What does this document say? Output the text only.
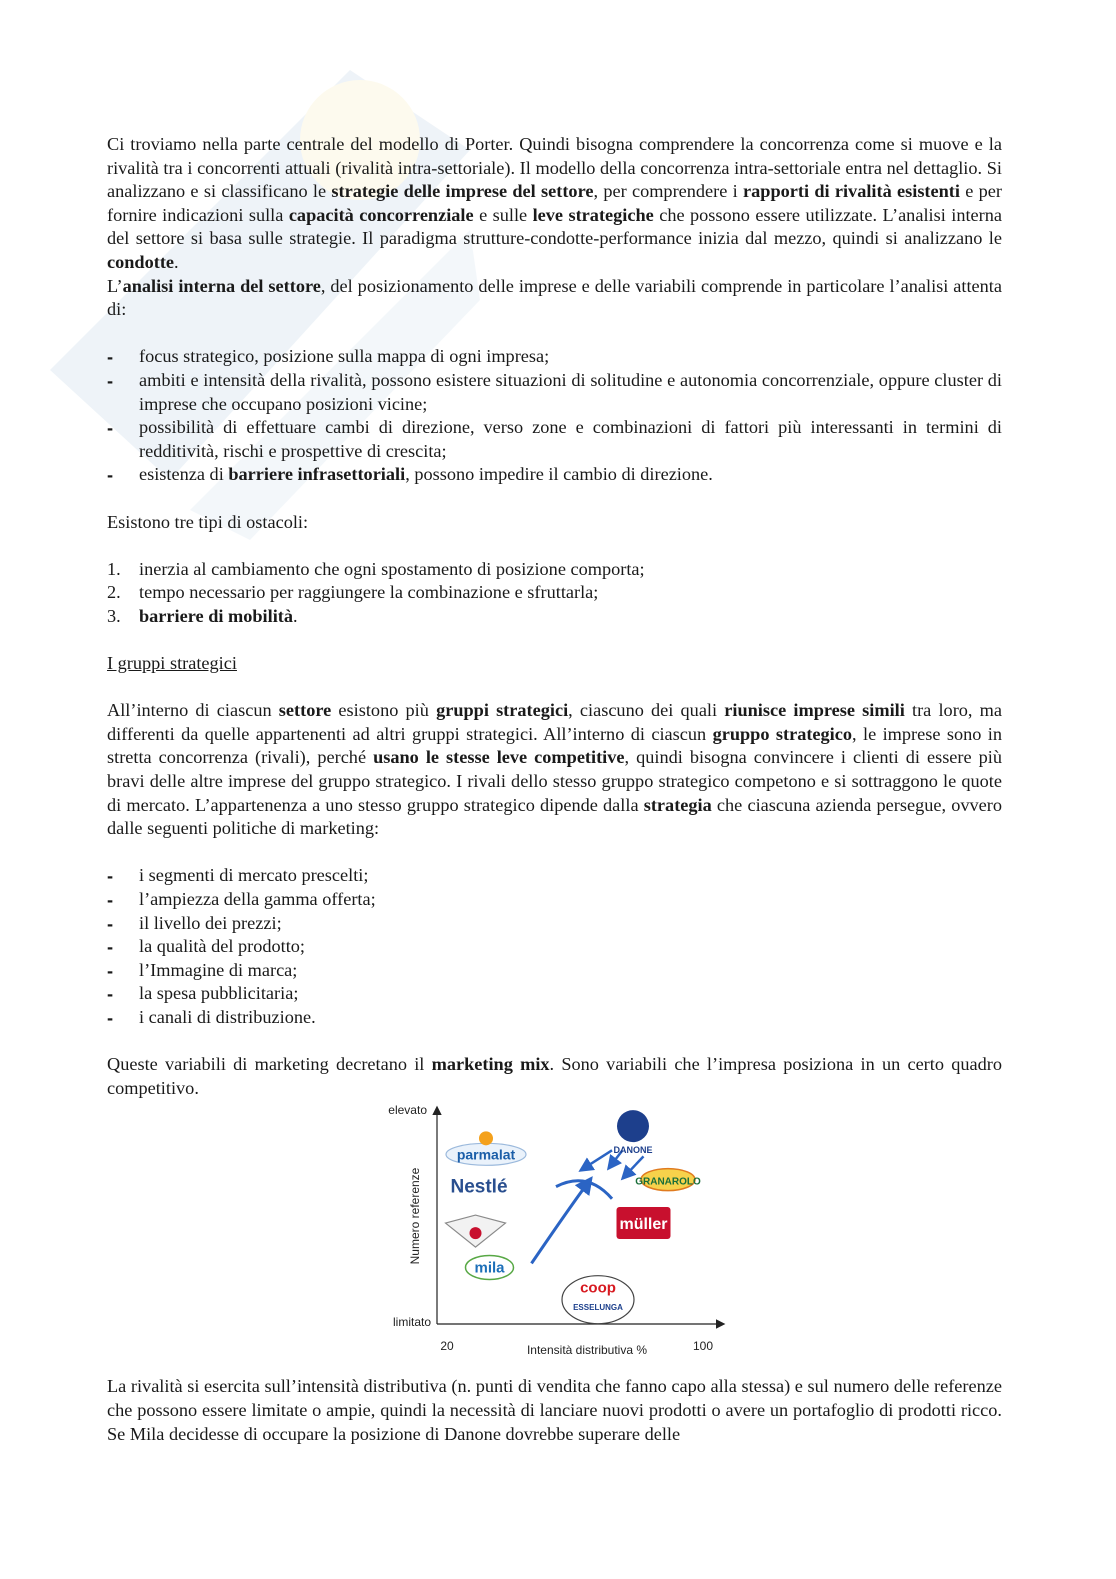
Ci troviamo nella parte centrale del modello di Porter. Quindi bisogna comprendere la concorrenza come si muove e la rivalità tra i concorrenti attuali (rivalità intra-settoriale). Il modello della concorrenza intra-settoriale entra nel dettaglio. Si analizzano e si classificano le strategie delle imprese del settore, per comprendere i rapporti di rivalità esistenti e per fornire indicazioni sulla capacità concorrenziale e sulle leve strategiche che possono essere utilizzate. L’analisi interna del settore si basa sulle strategie. Il paradigma strutture-condotte-performance inizia dal mezzo, quindi si analizzano le condotte.

L’analisi interna del settore, del posizionamento delle imprese e delle variabili comprende in particolare l’analisi attenta di:

- focus strategico, posizione sulla mappa di ogni impresa;
- ambiti e intensità della rivalità, possono esistere situazioni di solitudine e autonomia concorrenziale, oppure cluster di imprese che occupano posizioni vicine;
- possibilità di effettuare cambi di direzione, verso zone e combinazioni di fattori più interessanti in termini di redditività, rischi e prospettive di crescita;
- esistenza di barriere infrasettoriali, possono impedire il cambio di direzione.

Esistono tre tipi di ostacoli:

1. inerzia al cambiamento che ogni spostamento di posizione comporta;
2. tempo necessario per raggiungere la combinazione e sfruttarla;
3. barriere di mobilità.

I gruppi strategici

All’interno di ciascun settore esistono più gruppi strategici, ciascuno dei quali riunisce imprese simili tra loro, ma differenti da quelle appartenenti ad altri gruppi strategici. All’interno di ciascun gruppo strategico, le imprese sono in stretta concorrenza (rivali), perché usano le stesse leve competitive, quindi bisogna convincere i clienti di essere più bravi delle altre imprese del gruppo strategico. I rivali dello stesso gruppo strategico competono e si sottraggono le quote di mercato. L’appartenenza a uno stesso gruppo strategico dipende dalla strategia che ciascuna azienda persegue, ovvero dalle seguenti politiche di marketing:

- i segmenti di mercato prescelti;
- l’ampiezza della gamma offerta;
- il livello dei prezzi;
- la qualità del prodotto;
- l’Immagine di marca;
- la spesa pubblicitaria;
- i canali di distribuzione.

Queste variabili di marketing decretano il marketing mix. Sono variabili che l’impresa posiziona in un certo quadro competitivo.

elevato
limitato
Numero referenze
20	100
Intensità distributiva %
parmalat	DANONE
Nestlé	GRANAROLO
müller
mila
coop
ESSELUNGA

La rivalità si esercita sull’intensità distributiva (n. punti di vendita che fanno capo alla stessa) e sul numero delle referenze che possono essere limitate o ampie, quindi la necessità di lanciare nuovi prodotti o avere un portafoglio di prodotti ricco. Se Mila decidesse di occupare la posizione di Danone dovrebbe superare delle
